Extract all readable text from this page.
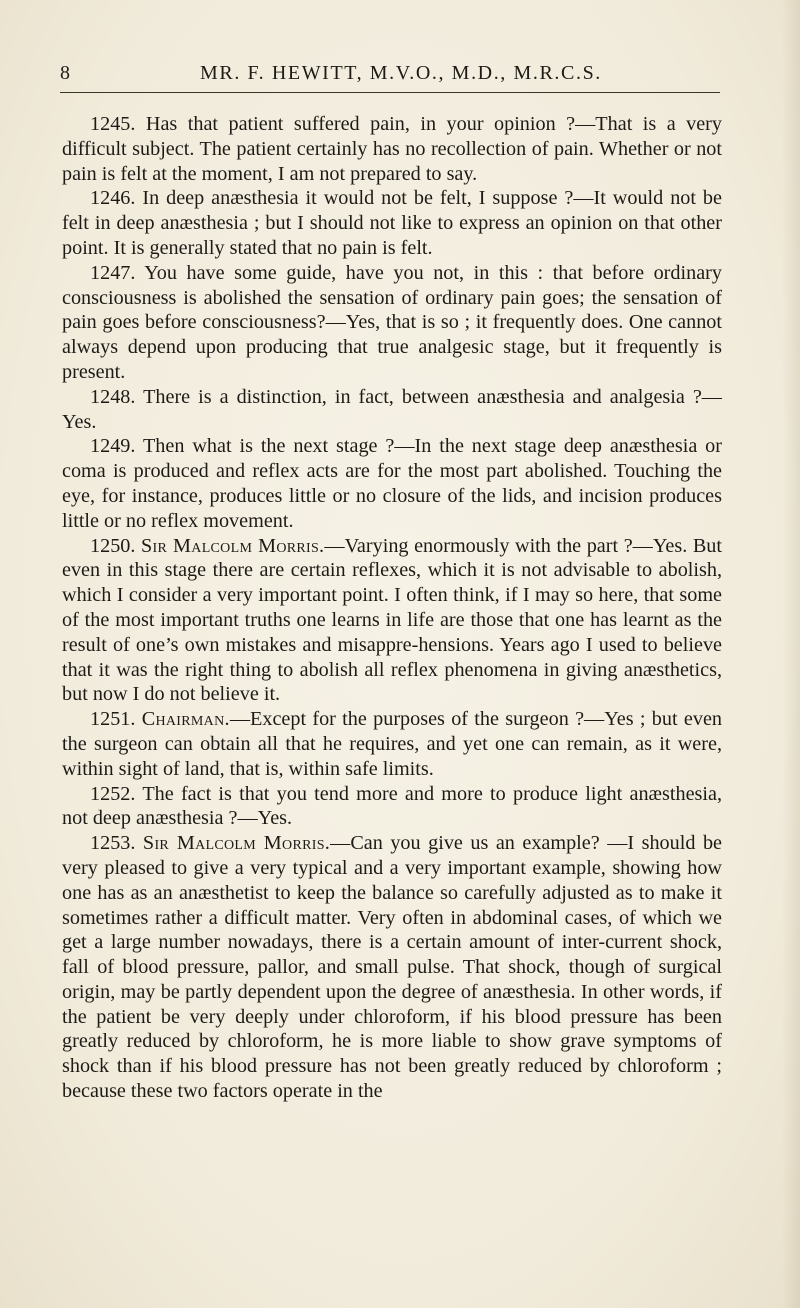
8	MR. F. HEWITT, M.V.O., M.D., M.R.C.S.

1245. Has that patient suffered pain, in your opinion ?—That is a very difficult subject. The patient certainly has no recollection of pain. Whether or not pain is felt at the moment, I am not prepared to say.

1246. In deep anæsthesia it would not be felt, I suppose ?—It would not be felt in deep anæsthesia ; but I should not like to express an opinion on that other point. It is generally stated that no pain is felt.

1247. You have some guide, have you not, in this : that before ordinary consciousness is abolished the sensation of ordinary pain goes; the sensation of pain goes before consciousness?—Yes, that is so ; it frequently does. One cannot always depend upon producing that true analgesic stage, but it frequently is present.

1248. There is a distinction, in fact, between anæsthesia and analgesia ?—Yes.

1249. Then what is the next stage ?—In the next stage deep anæsthesia or coma is produced and reflex acts are for the most part abolished. Touching the eye, for instance, produces little or no closure of the lids, and incision produces little or no reflex movement.

1250. Sir Malcolm Morris.—Varying enormously with the part ?—Yes. But even in this stage there are certain reflexes, which it is not advisable to abolish, which I consider a very important point. I often think, if I may so here, that some of the most important truths one learns in life are those that one has learnt as the result of one’s own mistakes and misappre-hensions. Years ago I used to believe that it was the right thing to abolish all reflex phenomena in giving anæsthetics, but now I do not believe it.

1251. Chairman.—Except for the purposes of the surgeon ?—Yes ; but even the surgeon can obtain all that he requires, and yet one can remain, as it were, within sight of land, that is, within safe limits.

1252. The fact is that you tend more and more to produce light anæsthesia, not deep anæsthesia ?—Yes.

1253. Sir Malcolm Morris.—Can you give us an example? —I should be very pleased to give a very typical and a very important example, showing how one has as an anæsthetist to keep the balance so carefully adjusted as to make it sometimes rather a difficult matter. Very often in abdominal cases, of which we get a large number nowadays, there is a certain amount of inter-current shock, fall of blood pressure, pallor, and small pulse. That shock, though of surgical origin, may be partly dependent upon the degree of anæsthesia. In other words, if the patient be very deeply under chloroform, if his blood pressure has been greatly reduced by chloroform, he is more liable to show grave symptoms of shock than if his blood pressure has not been greatly reduced by chloroform ; because these two factors operate in the
